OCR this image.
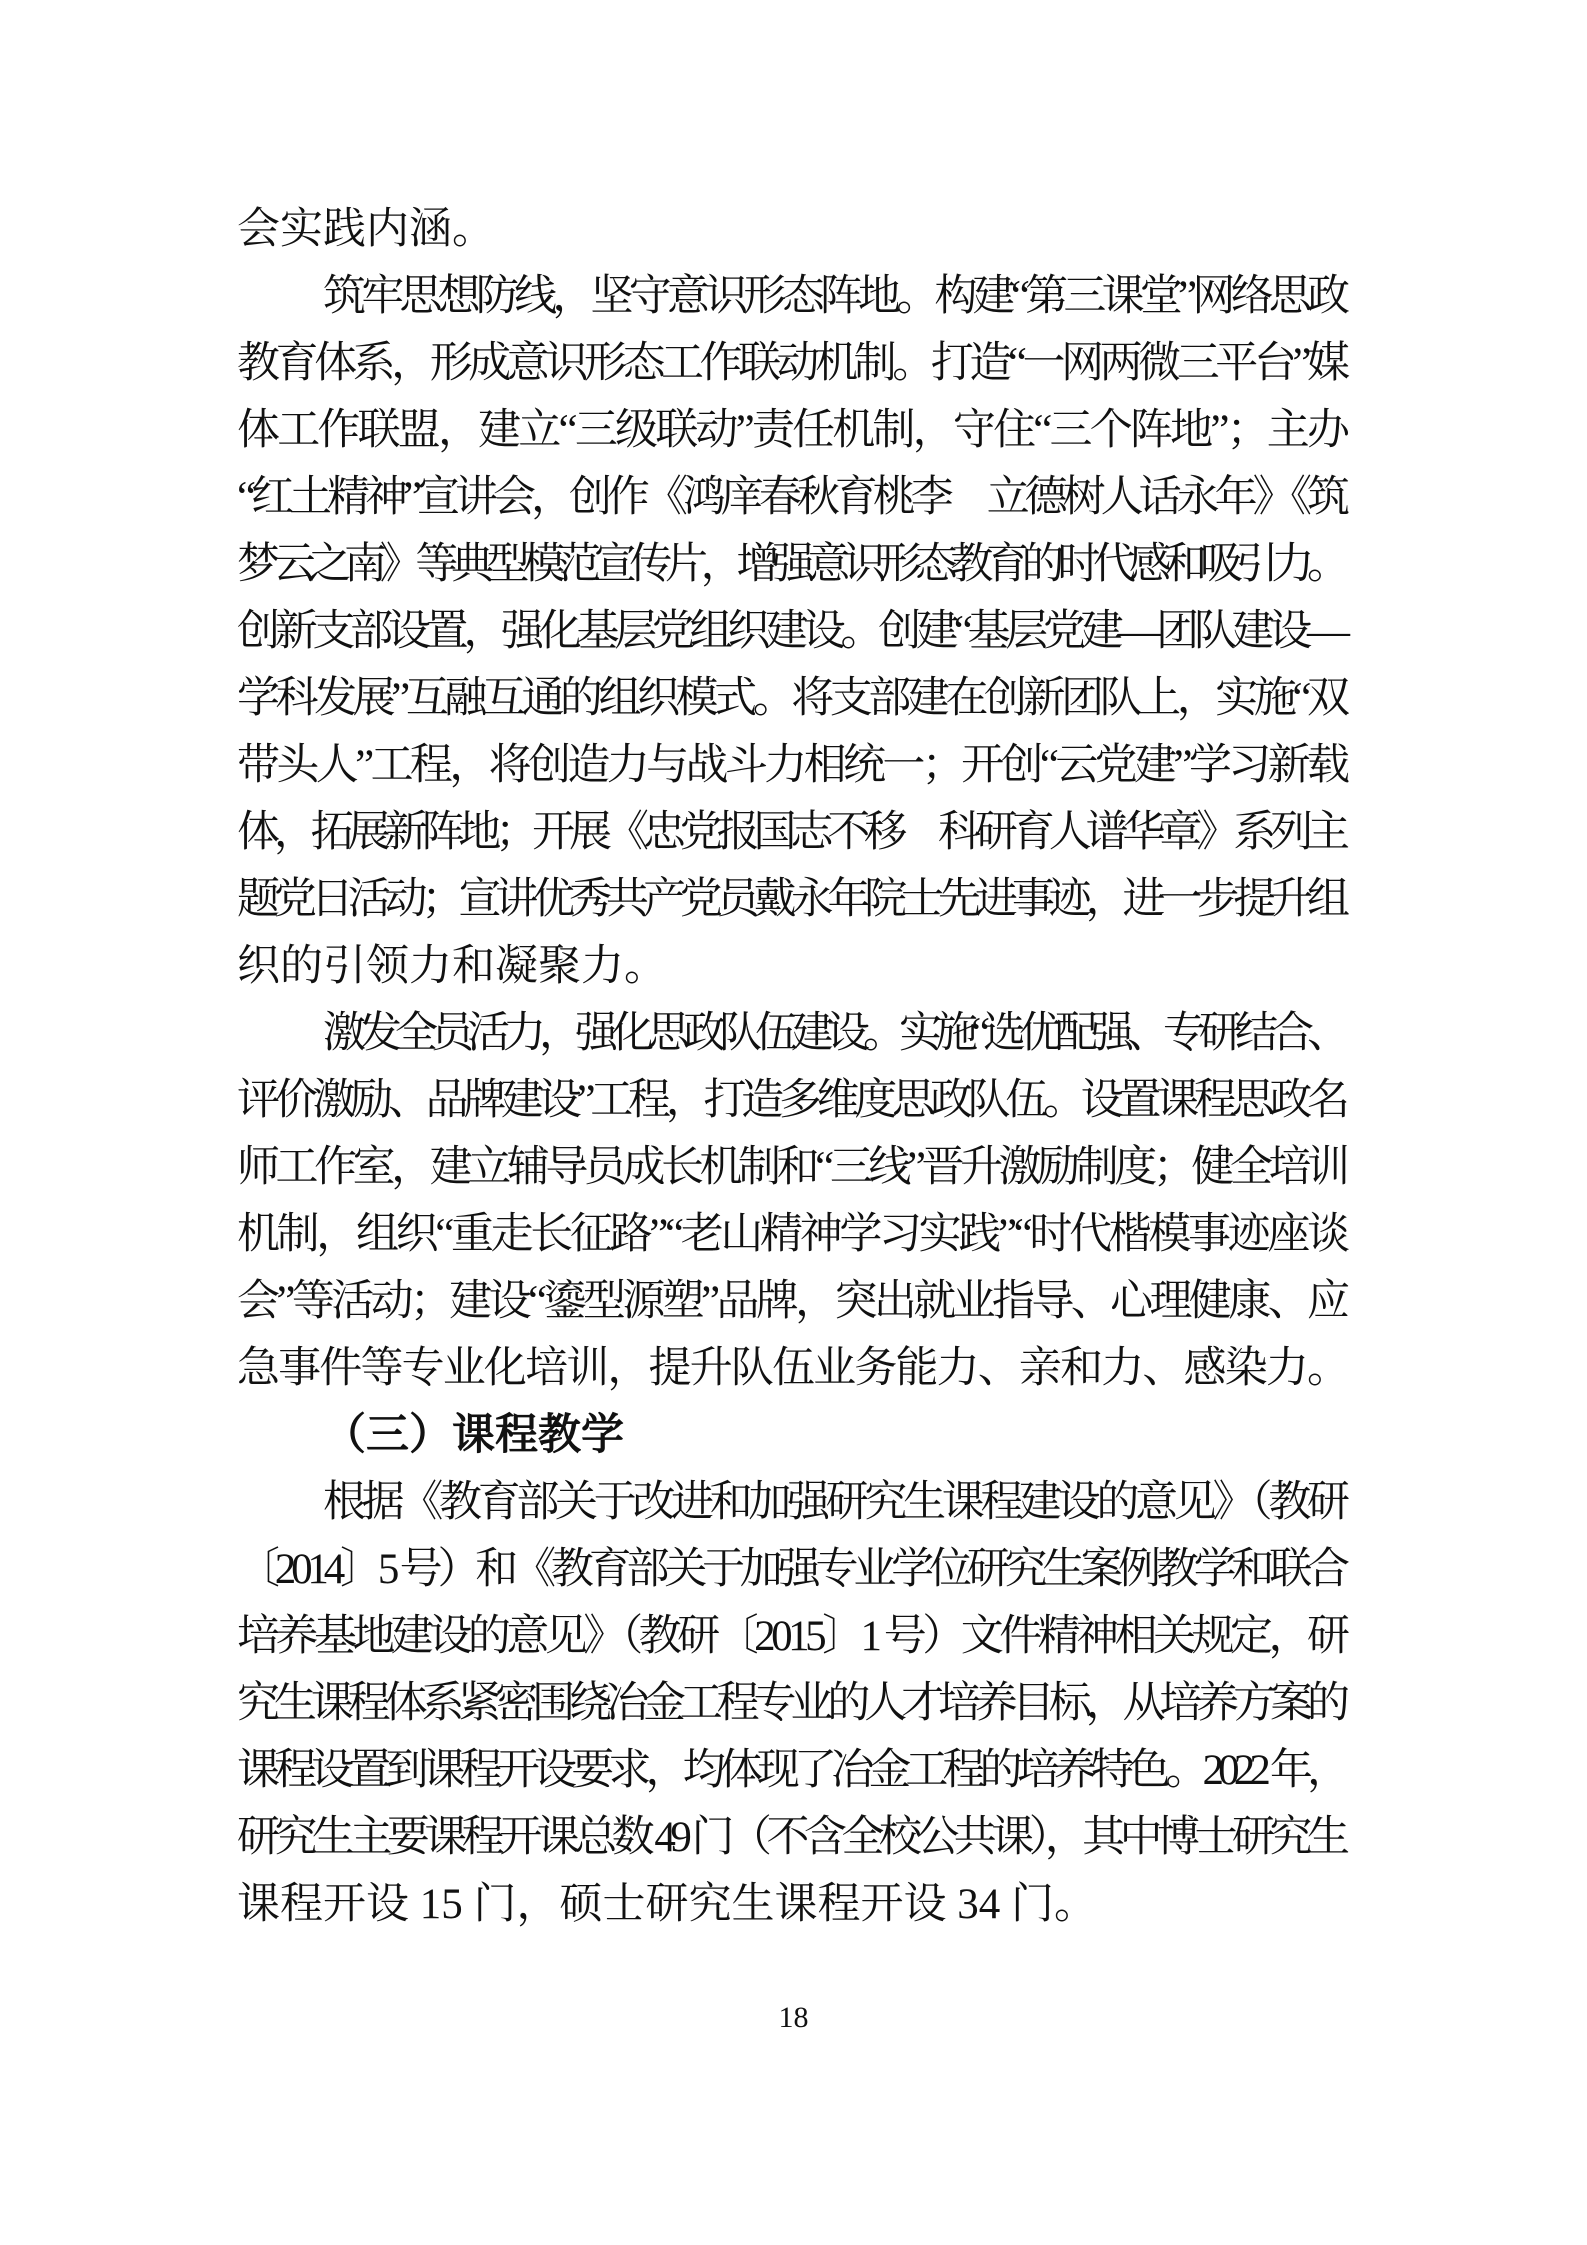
会实践内涵。
筑牢思想防线，坚守意识形态阵地。构建“第三课堂”网络思政
教育体系，形成意识形态工作联动机制。打造“一网两微三平台”媒
体工作联盟，建立“三级联动”责任机制，守住“三个阵地”；主办
“红土精神”宣讲会，创作《鸿庠春秋育桃李　立德树人话永年》《筑
梦云之南》等典型模范宣传片，增强意识形态教育的时代感和吸引力。
创新支部设置，强化基层党组织建设。创建“基层党建—团队建设—
学科发展”互融互通的组织模式。将支部建在创新团队上，实施“双
带头人”工程，将创造力与战斗力相统一；开创“云党建”学习新载
体，拓展新阵地；开展《忠党报国志不移　科研育人谱华章》系列主
题党日活动；宣讲优秀共产党员戴永年院士先进事迹，进一步提升组
织的引领力和凝聚力。
激发全员活力，强化思政队伍建设。实施“选优配强、专研结合、
评价激励、品牌建设”工程，打造多维度思政队伍。设置课程思政名
师工作室，建立辅导员成长机制和“三线”晋升激励制度；健全培训
机制，组织“重走长征路”“老山精神学习实践”“时代楷模事迹座谈
会”等活动；建设“鎏型源塑”品牌，突出就业指导、心理健康、应
急事件等专业化培训，提升队伍业务能力、亲和力、感染力。
（三）课程教学
根据《教育部关于改进和加强研究生课程建设的意见》（教研
〔2014〕5 号）和《教育部关于加强专业学位研究生案例教学和联合
培养基地建设的意见》（教研〔2015〕1 号）文件精神相关规定，研
究生课程体系紧密围绕冶金工程专业的人才培养目标，从培养方案的
课程设置到课程开设要求，均体现了冶金工程的培养特色。2022 年，
研究生主要课程开课总数 49 门（不含全校公共课），其中博士研究生
课程开设 15 门，硕士研究生课程开设 34 门。
18
